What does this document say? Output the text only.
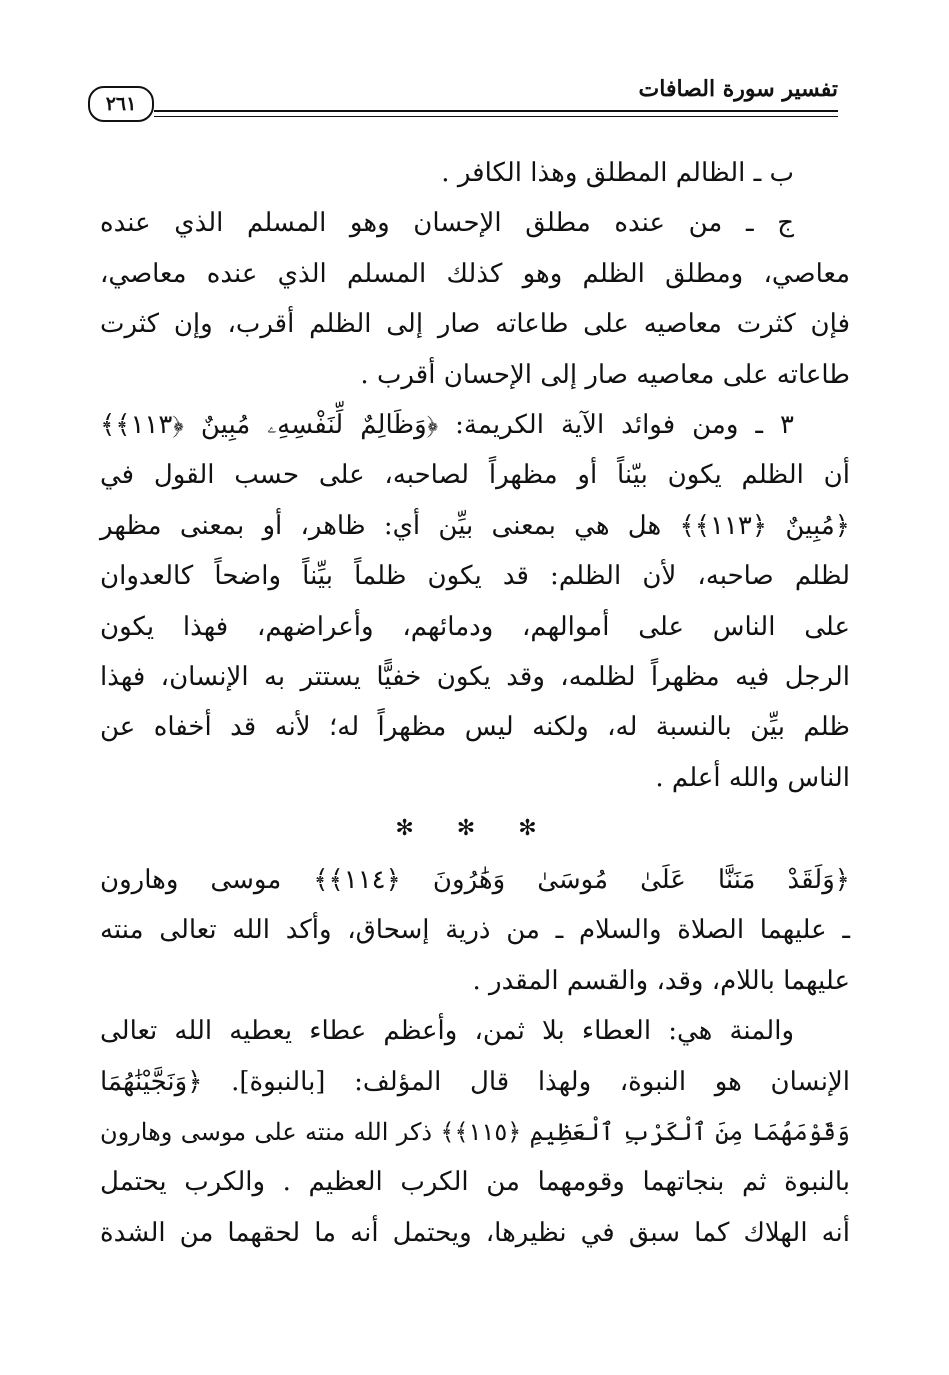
٢٦١
تفسير سورة الصافات
ب ـ الظالم المطلق وهذا الكافر .
ج ـ من عنده مطلق الإحسان وهو المسلم الذي عنده
معاصي، ومطلق الظلم وهو كذلك المسلم الذي عنده معاصي،
فإن كثرت معاصيه على طاعاته صار إلى الظلم أقرب، وإن كثرت
طاعاته على معاصيه صار إلى الإحسان أقرب .
٣ ـ ومن فوائد الآية الكريمة: ﴿وَظَالِمٌ لِّنَفْسِهِۦ مُبِينٌ ﴿١١٣﴾﴾
أن الظلم يكون بيّناً أو مظهراً لصاحبه، على حسب القول في
﴿مُبِينٌ ﴿١١٣﴾﴾ هل هي بمعنى بيِّن أي: ظاهر، أو بمعنى مظهر
لظلم صاحبه، لأن الظلم: قد يكون ظلماً بيِّناً واضحاً كالعدوان
على الناس على أموالهم، ودمائهم، وأعراضهم، فهذا يكون
الرجل فيه مظهراً لظلمه، وقد يكون خفيًّا يستتر به الإنسان، فهذا
ظلم بيِّن بالنسبة له، ولكنه ليس مظهراً له؛ لأنه قد أخفاه عن
الناس والله أعلم .
✻ ✻ ✻
﴿وَلَقَدْ مَنَنَّا عَلَىٰ مُوسَىٰ وَهَٰرُونَ ﴿١١٤﴾﴾ موسى وهارون
ـ عليهما الصلاة والسلام ـ من ذرية إسحاق، وأكد الله تعالى منته
عليهما باللام، وقد، والقسم المقدر .
والمنة هي: العطاء بلا ثمن، وأعظم عطاء يعطيه الله تعالى
الإنسان هو النبوة، ولهذا قال المؤلف: [بالنبوة]. ﴿وَنَجَّيْنَٰهُمَا
وَقَوْمَهُمَا مِنَ ٱلْكَرْبِ ٱلْعَظِيمِ ﴿١١٥﴾﴾ ذكر الله منته على موسى وهارون
بالنبوة ثم بنجاتهما وقومهما من الكرب العظيم . والكرب يحتمل
أنه الهلاك كما سبق في نظيرها، ويحتمل أنه ما لحقهما من الشدة
